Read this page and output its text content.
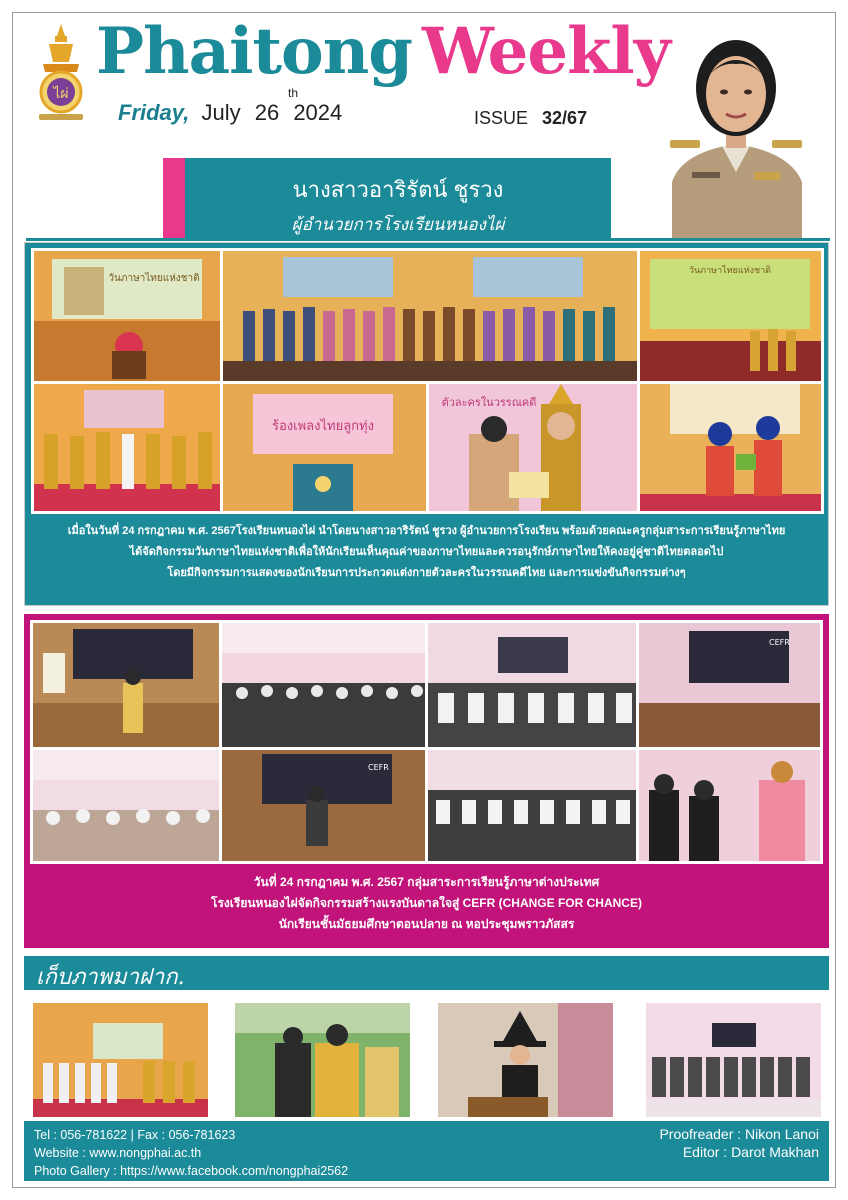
ไผ่
Phaitong Weekly
Friday, July 26
th
2024	ISSUE 32/67
นางสาวอาริรัตน์ ชูรวง
ผู้อำนวยการโรงเรียนหนองไผ่
วันภาษาไทยแห่งชาติ
วันภาษาไทยแห่งชาติ
ร้องเพลงไทยลูกทุ่ง
ตัวละครในวรรณคดี
เมื่อในวันที่ 24 กรกฎาคม พ.ศ. 2567โรงเรียนหนองไผ่ นำโดยนางสาวอาริรัตน์ ชูรวง ผู้อำนวยการโรงเรียน พร้อมด้วยคณะครูกลุ่มสาระการเรียนรู้ภาษาไทย
ได้จัดกิจกรรมวันภาษาไทยแห่งชาติเพื่อให้นักเรียนเห็นคุณค่าของภาษาไทยและควรอนุรักษ์ภาษาไทยให้คงอยู่คู่ชาติไทยตลอดไป
โดยมีกิจกรรมการแสดงของนักเรียนการประกวดแต่งกายตัวละครในวรรณคดีไทย และการแข่งขันกิจกรรมต่างๆ
CEFR
CEFR
วันที่ 24 กรกฎาคม พ.ศ. 2567 กลุ่มสาระการเรียนรู้ภาษาต่างประเทศ
โรงเรียนหนองไผ่จัดกิจกรรมสร้างแรงบันดาลใจสู่ CEFR (CHANGE FOR CHANCE)
นักเรียนชั้นมัธยมศึกษาตอนปลาย ณ หอประชุมพราวภัสสร
เก็บภาพมาฝาก.
Tel : 056-781622 | Fax : 056-781623
Website : www.nongphai.ac.th
Photo Gallery : https://www.facebook.com/nongphai2562
Proofreader : Nikon Lanoi
Editor : Darot Makhan
